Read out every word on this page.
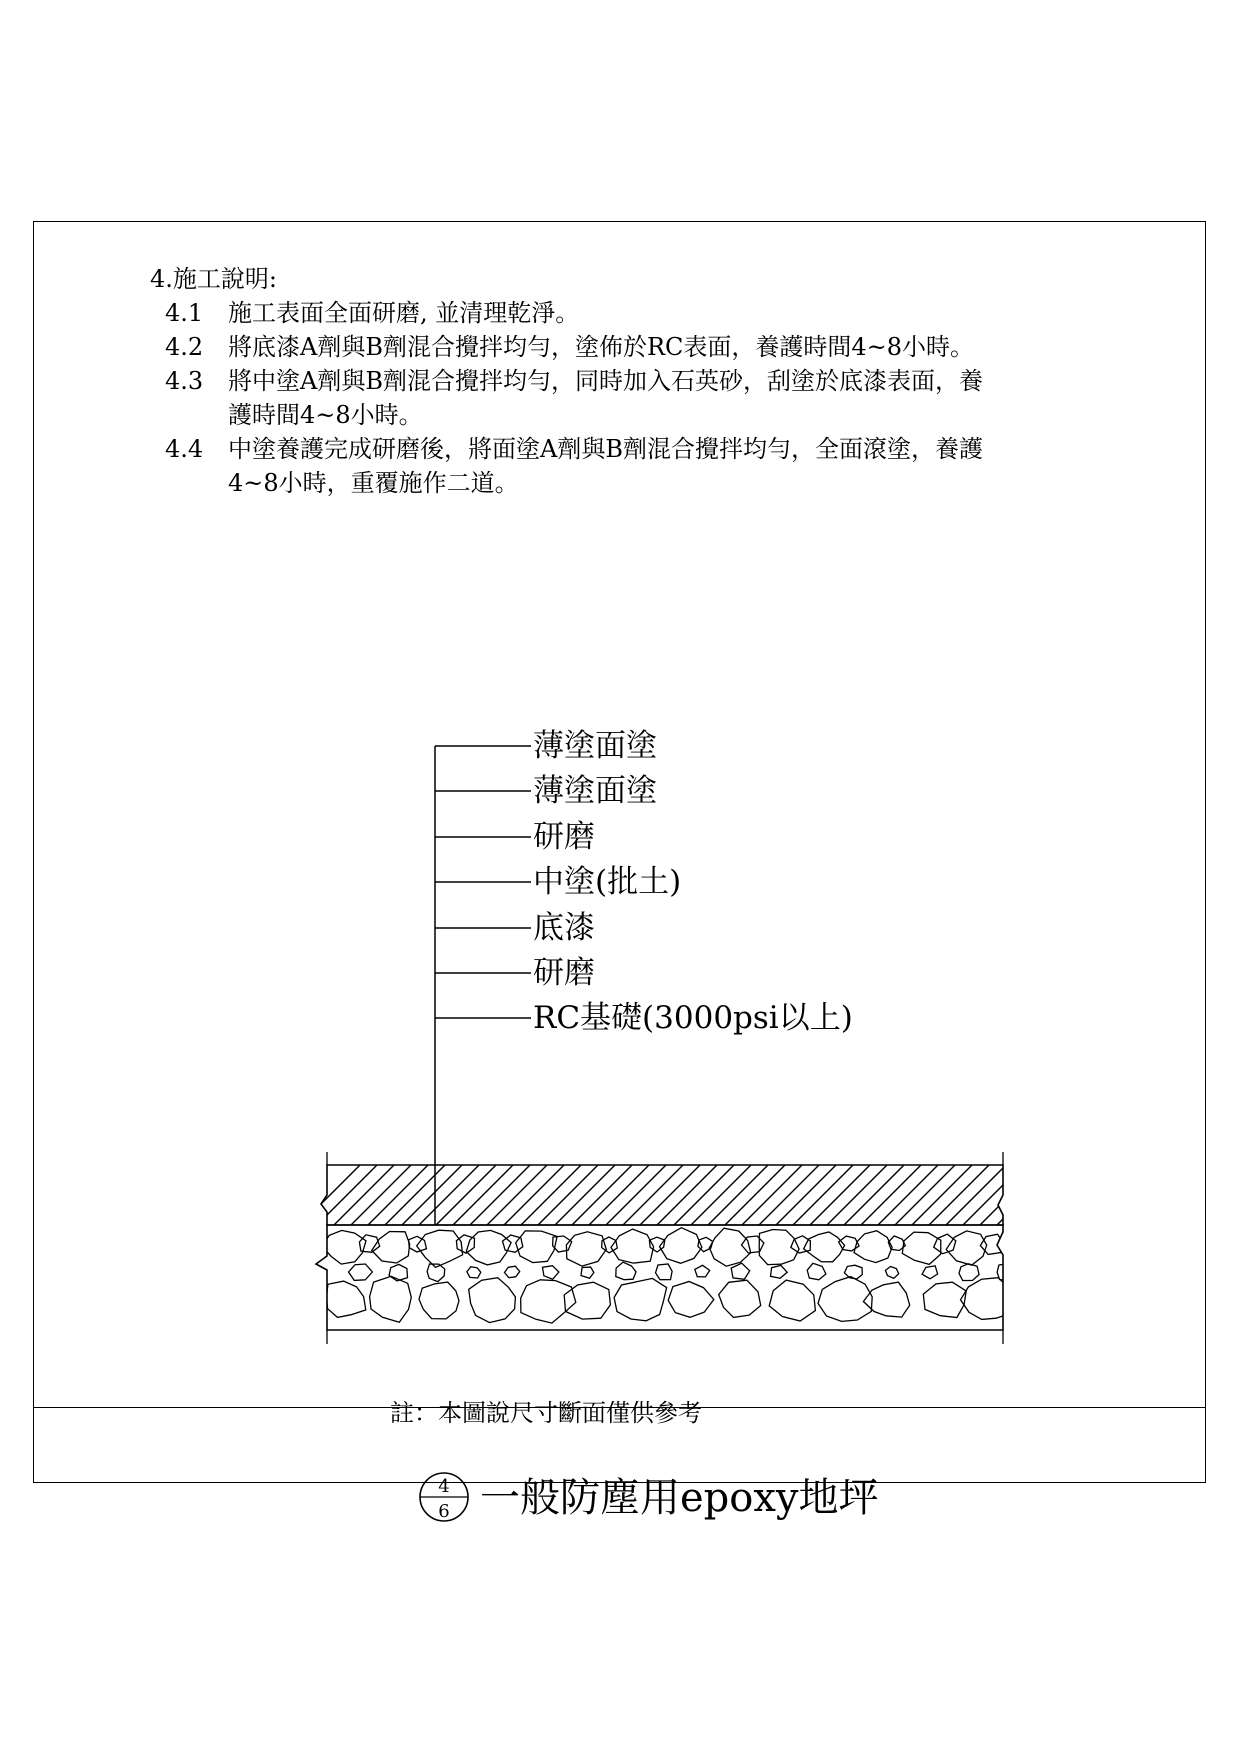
4.施工說明:
4.1 施工表面全面研磨, 並清理乾淨。
4.2 將底漆A劑與B劑混合攪拌均勻，塗佈於RC表面，養護時間4~8小時。
4.3 將中塗A劑與B劑混合攪拌均勻，同時加入石英砂，刮塗於底漆表面，養
護時間4~8小時。
4.4 中塗養護完成研磨後，將面塗A劑與B劑混合攪拌均勻，全面滾塗，養護
4~8小時，重覆施作二道。
薄塗面塗
薄塗面塗
研磨
中塗(批土)
底漆
研磨
RC基礎(3000psi以上)
4
6
註：本圖說尺寸斷面僅供參考
一般防塵用epoxy地坪
